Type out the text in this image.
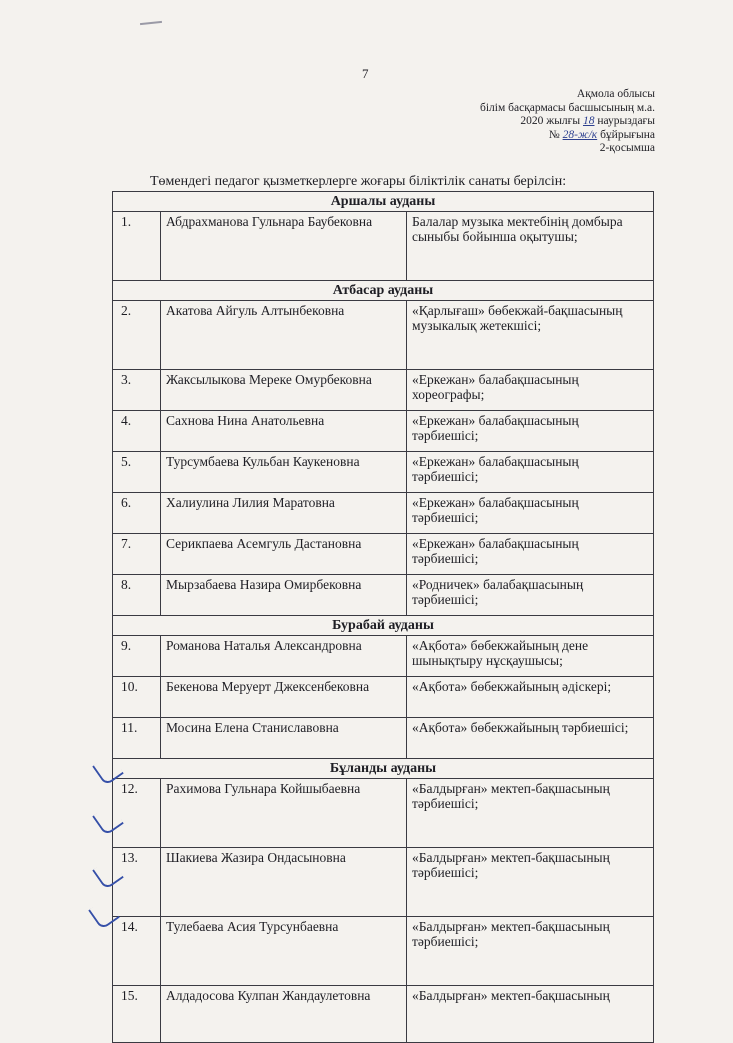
7
Ақмола облысы
білім басқармасы басшысының м.а.
2020 жылғы 18 наурыздағы
№ 28-ж/к бұйрығына
2-қосымша
Төмендегі педагог қызметкерлерге жоғары біліктілік санаты берілсін:
Аршалы ауданы		
1.	Абдрахманова Гульнара Баубековна	Балалар музыка мектебінің домбыра сыныбы бойынша оқытушы;
Атбасар ауданы		
2.	Акатова Айгуль Алтынбековна	«Қарлығаш» бөбекжай-бақшасының музыкалық жетекшісі;
3.	Жаксылыкова Мереке Омурбековна	«Еркежан» балабақшасының хореографы;
4.	Сахнова Нина Анатольевна	«Еркежан» балабақшасының тәрбиешісі;
5.	Турсумбаева Кульбан Каукеновна	«Еркежан» балабақшасының тәрбиешісі;
6.	Халиулина Лилия Маратовна	«Еркежан» балабақшасының тәрбиешісі;
7.	Серикпаева Асемгуль Дастановна	«Еркежан» балабақшасының тәрбиешісі;
8.	Мырзабаева Назира Омирбековна	«Родничек» балабақшасының тәрбиешісі;
Бурабай ауданы		
9.	Романова Наталья Александровна	«Ақбота» бөбекжайының дене шынықтыру нұсқаушысы;
10.	Бекенова Меруерт Джексенбековна	«Ақбота» бөбекжайының әдіскері;
11.	Мосина Елена Станиславовна	«Ақбота» бөбекжайының тәрбиешісі;
Бұланды ауданы		
12.	Рахимова Гульнара Койшыбаевна	«Балдырған» мектеп-бақшасының тәрбиешісі;
13.	Шакиева Жазира Ондасыновна	«Балдырған» мектеп-бақшасының тәрбиешісі;
14.	Тулебаева Асия Турсунбаевна	«Балдырған» мектеп-бақшасының тәрбиешісі;
15.	Алдадосова Кулпан Жандаулетовна	«Балдырған» мектеп-бақшасының
